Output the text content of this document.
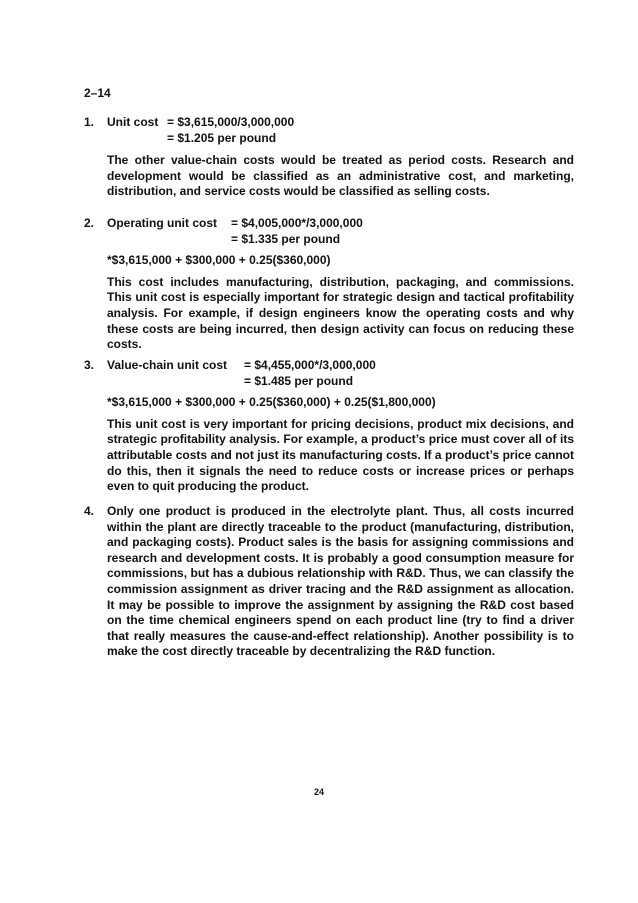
2–14
1.	Unit cost = $3,615,000/3,000,000
= $1.205 per pound
The other value-chain costs would be treated as period costs. Research and development would be classified as an administrative cost, and marketing, distribution, and service costs would be classified as selling costs.
2.	Operating unit cost	= $4,005,000*/3,000,000
= $1.335 per pound
*$3,615,000 + $300,000 + 0.25($360,000)
This cost includes manufacturing, distribution, packaging, and commissions. This unit cost is especially important for strategic design and tactical profitability analysis. For example, if design engineers know the operating costs and why these costs are being incurred, then design activity can focus on reducing these costs.
3.	Value-chain unit cost	= $4,455,000*/3,000,000
= $1.485 per pound
*$3,615,000 + $300,000 + 0.25($360,000) + 0.25($1,800,000)
This unit cost is very important for pricing decisions, product mix decisions, and strategic profitability analysis. For example, a product’s price must cover all of its attributable costs and not just its manufacturing costs. If a product’s price cannot do this, then it signals the need to reduce costs or increase prices or perhaps even to quit producing the product.
4.	Only one product is produced in the electrolyte plant. Thus, all costs incurred within the plant are directly traceable to the product (manufacturing, distribution, and packaging costs). Product sales is the basis for assigning commissions and research and development costs. It is probably a good consumption measure for commissions, but has a dubious relationship with R&D. Thus, we can classify the commission assignment as driver tracing and the R&D assignment as allocation. It may be possible to improve the assignment by assigning the R&D cost based on the time chemical engineers spend on each product line (try to find a driver that really measures the cause-and-effect relationship). Another possibility is to make the cost directly traceable by decentralizing the R&D function.
24
